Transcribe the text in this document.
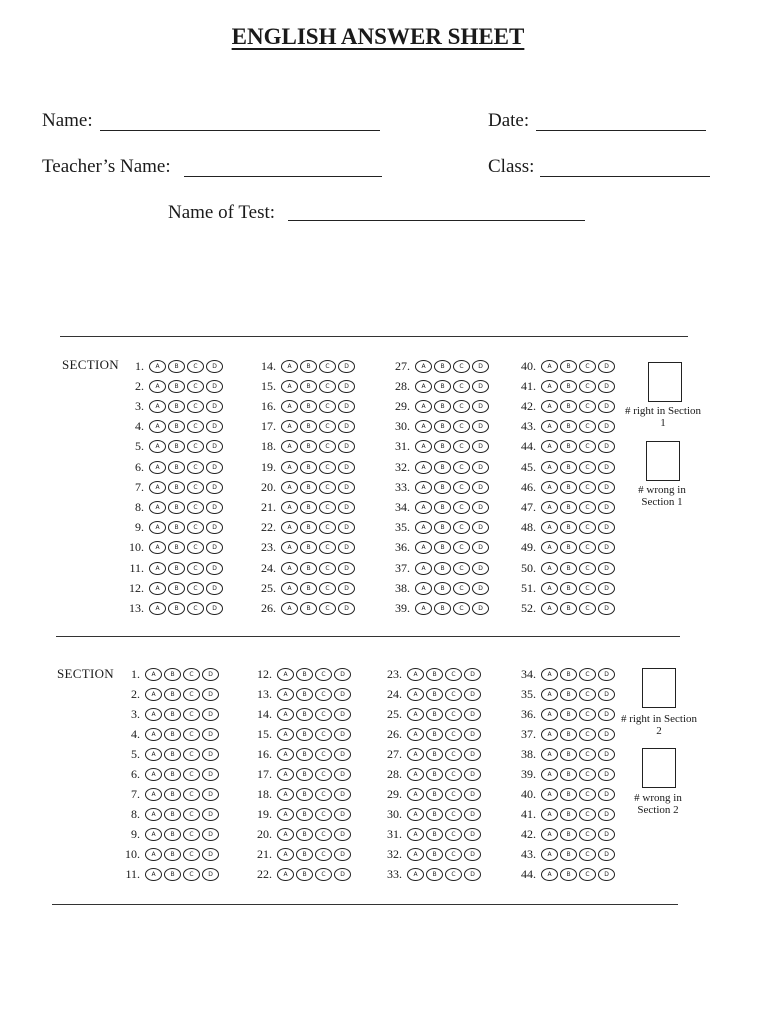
ENGLISH ANSWER SHEET
Name:	Date:
Teacher’s Name:	Class:
Name of Test:
SECTION
# right in Section 1
# wrong in Section 1
1.	A	B	C	D
2.	A	B	C	D
3.	A	B	C	D
4.	A	B	C	D
5.	A	B	C	D
6.	A	B	C	D
7.	A	B	C	D
8.	A	B	C	D
9.	A	B	C	D
10.	A	B	C	D
11.	A	B	C	D
12.	A	B	C	D
13.	A	B	C	D
14.	A	B	C	D
15.	A	B	C	D
16.	A	B	C	D
17.	A	B	C	D
18.	A	B	C	D
19.	A	B	C	D
20.	A	B	C	D
21.	A	B	C	D
22.	A	B	C	D
23.	A	B	C	D
24.	A	B	C	D
25.	A	B	C	D
26.	A	B	C	D
27.	A	B	C	D
28.	A	B	C	D
29.	A	B	C	D
30.	A	B	C	D
31.	A	B	C	D
32.	A	B	C	D
33.	A	B	C	D
34.	A	B	C	D
35.	A	B	C	D
36.	A	B	C	D
37.	A	B	C	D
38.	A	B	C	D
39.	A	B	C	D
40.	A	B	C	D
41.	A	B	C	D
42.	A	B	C	D
43.	A	B	C	D
44.	A	B	C	D
45.	A	B	C	D
46.	A	B	C	D
47.	A	B	C	D
48.	A	B	C	D
49.	A	B	C	D
50.	A	B	C	D
51.	A	B	C	D
52.	A	B	C	D
SECTION
# right in Section 2
# wrong in Section 2
1.	A	B	C	D
2.	A	B	C	D
3.	A	B	C	D
4.	A	B	C	D
5.	A	B	C	D
6.	A	B	C	D
7.	A	B	C	D
8.	A	B	C	D
9.	A	B	C	D
10.	A	B	C	D
11.	A	B	C	D
12.	A	B	C	D
13.	A	B	C	D
14.	A	B	C	D
15.	A	B	C	D
16.	A	B	C	D
17.	A	B	C	D
18.	A	B	C	D
19.	A	B	C	D
20.	A	B	C	D
21.	A	B	C	D
22.	A	B	C	D
23.	A	B	C	D
24.	A	B	C	D
25.	A	B	C	D
26.	A	B	C	D
27.	A	B	C	D
28.	A	B	C	D
29.	A	B	C	D
30.	A	B	C	D
31.	A	B	C	D
32.	A	B	C	D
33.	A	B	C	D
34.	A	B	C	D
35.	A	B	C	D
36.	A	B	C	D
37.	A	B	C	D
38.	A	B	C	D
39.	A	B	C	D
40.	A	B	C	D
41.	A	B	C	D
42.	A	B	C	D
43.	A	B	C	D
44.	A	B	C	D
